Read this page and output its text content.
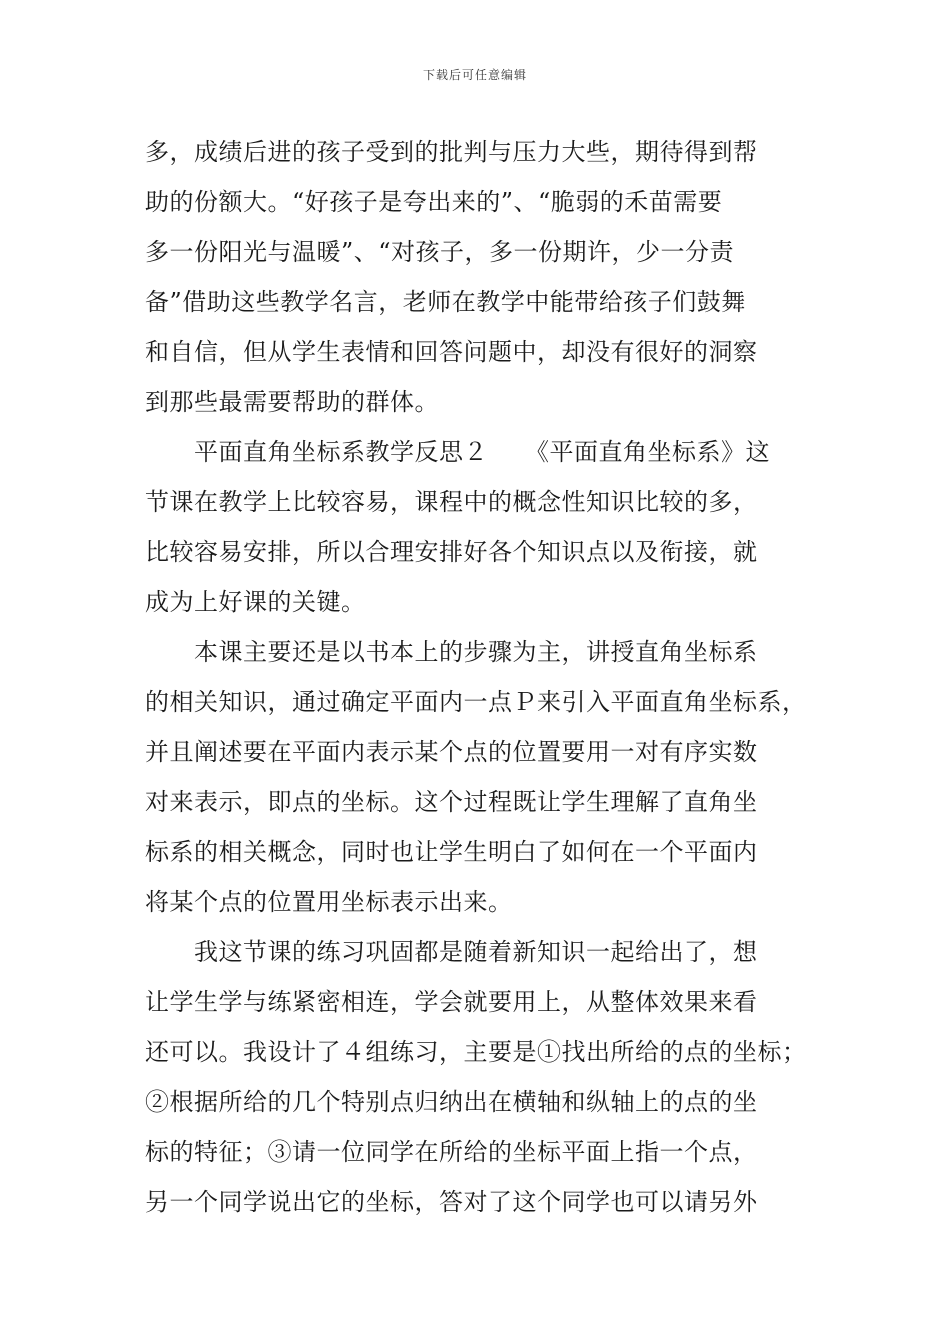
下载后可任意编辑
多，成绩后进的孩子受到的批判与压力大些，期待得到帮
助的份额大。“好孩子是夸出来的”、“脆弱的禾苗需要
多一份阳光与温暖”、“对孩子，多一份期许，少一分责
备”借助这些教学名言，老师在教学中能带给孩子们鼓舞
和自信，但从学生表情和回答问题中，却没有很好的洞察
到那些最需要帮助的群体。
　　平面直角坐标系教学反思２　　《平面直角坐标系》这
节课在教学上比较容易，课程中的概念性知识比较的多，
比较容易安排，所以合理安排好各个知识点以及衔接，就
成为上好课的关键。
　　本课主要还是以书本上的步骤为主，讲授直角坐标系
的相关知识，通过确定平面内一点Ｐ来引入平面直角坐标系，
并且阐述要在平面内表示某个点的位置要用一对有序实数
对来表示，即点的坐标。这个过程既让学生理解了直角坐
标系的相关概念，同时也让学生明白了如何在一个平面内
将某个点的位置用坐标表示出来。
　　我这节课的练习巩固都是随着新知识一起给出了，想
让学生学与练紧密相连，学会就要用上，从整体效果来看
还可以。我设计了４组练习，主要是①找出所给的点的坐标；
②根据所给的几个特别点归纳出在横轴和纵轴上的点的坐
标的特征；③请一位同学在所给的坐标平面上指一个点，
另一个同学说出它的坐标，答对了这个同学也可以请另外
